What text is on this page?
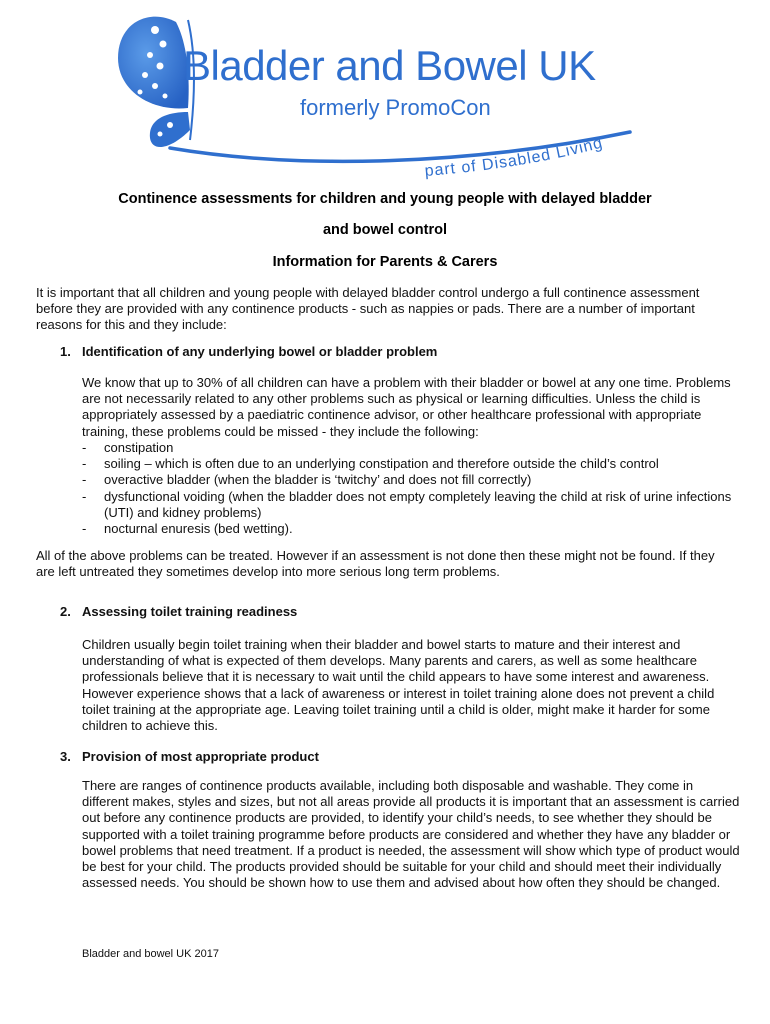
part of Disabled Living
Bladder and Bowel UK
formerly PromoCon
Continence assessments for children and young people with delayed bladder
and bowel control
Information for Parents & Carers

It is important that all children and young people with delayed bladder control undergo a full continence assessment before they are provided with any continence products - such as nappies or pads. There are a number of important reasons for this and they include:

1. Identification of any underlying bowel or bladder problem

We know that up to 30% of all children can have a problem with their bladder or bowel at any one time. Problems are not necessarily related to any other problems such as physical or learning difficulties. Unless the child is appropriately assessed by a paediatric continence advisor, or other healthcare professional with appropriate training, these problems could be missed - they include the following:

-	constipation
-	soiling – which is often due to an underlying constipation and therefore outside the child’s control
-	overactive bladder (when the bladder is ‘twitchy’ and does not fill correctly)
-	dysfunctional voiding (when the bladder does not empty completely leaving the child at risk of urine infections (UTI) and kidney problems)
-	nocturnal enuresis (bed wetting).

All of the above problems can be treated. However if an assessment is not done then these might not be found. If they are left untreated they sometimes develop into more serious long term problems.

2. Assessing toilet training readiness

Children usually begin toilet training when their bladder and bowel starts to mature and their interest and understanding of what is expected of them develops. Many parents and carers, as well as some healthcare professionals believe that it is necessary to wait until the child appears to have some interest and awareness. However experience shows that a lack of awareness or interest in toilet training alone does not prevent a child toilet training at the appropriate age. Leaving toilet training until a child is older, might make it harder for some children to achieve this.

3. Provision of most appropriate product

There are ranges of continence products available, including both disposable and washable. They come in different makes, styles and sizes, but not all areas provide all products it is important that an assessment is carried out before any continence products are provided, to identify your child’s needs, to see whether they should be supported with a toilet training programme before products are considered and whether they have any bladder or bowel problems that need treatment. If a product is needed, the assessment will show which type of product would be best for your child. The products provided should be suitable for your child and should meet their individually assessed needs. You should be shown how to use them and advised about how often they should be changed.

Bladder and bowel UK 2017
